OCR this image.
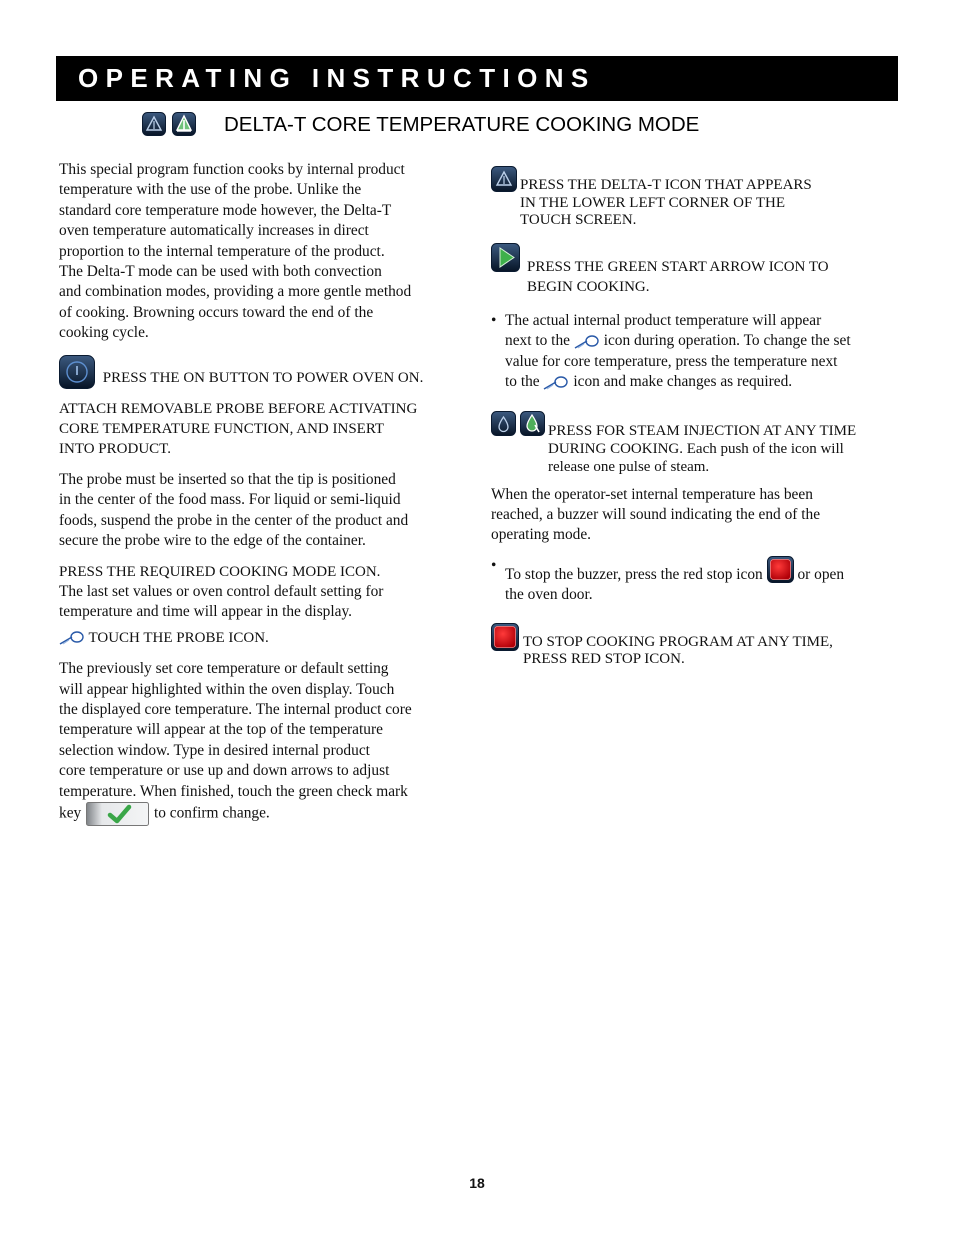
OPERATING INSTRUCTIONS
DELTA-T CORE TEMPERATURE COOKING MODE

This special program function cooks by internal product
temperature with the use of the probe. Unlike the
standard core temperature mode however, the Delta-T
oven temperature automatically increases in direct
proportion to the internal temperature of the product.
The Delta-T mode can be used with both convection
and combination modes, providing a more gentle method
of cooking. Browning occurs toward the end of the
cooking cycle.

PRESS THE ON BUTTON TO POWER OVEN ON.

ATTACH REMOVABLE PROBE BEFORE ACTIVATING
CORE TEMPERATURE FUNCTION, AND INSERT
INTO PRODUCT.

The probe must be inserted so that the tip is positioned
in the center of the food mass. For liquid or semi-liquid
foods, suspend the probe in the center of the product and
secure the probe wire to the edge of the container.

PRESS THE REQUIRED COOKING MODE ICON.
The last set values or oven control default setting for
temperature and time will appear in the display.

TOUCH THE PROBE ICON.

The previously set core temperature or default setting
will appear highlighted within the oven display. Touch
the displayed core temperature. The internal product core
temperature will appear at the top of the temperature
selection window. Type in desired internal product
core temperature or use up and down arrows to adjust
temperature. When finished, touch the green check mark
key	to confirm change.

PRESS THE DELTA-T ICON THAT APPEARS
IN THE LOWER LEFT CORNER OF THE
TOUCH SCREEN.
PRESS THE GREEN START ARROW ICON TO
BEGIN COOKING.
• The actual internal product temperature will appear
next to the icon during operation. To change the set
value for core temperature, press the temperature next
to the icon and make changes as required.
PRESS FOR STEAM INJECTION AT ANY TIME
DURING COOKING. Each push of the icon will
release one pulse of steam.

When the operator-set internal temperature has been
reached, a buzzer will sound indicating the end of the
operating mode.

•
To stop the buzzer, press the red stop icon or open
the oven door.
TO STOP COOKING PROGRAM AT ANY TIME,
PRESS RED STOP ICON.
18
